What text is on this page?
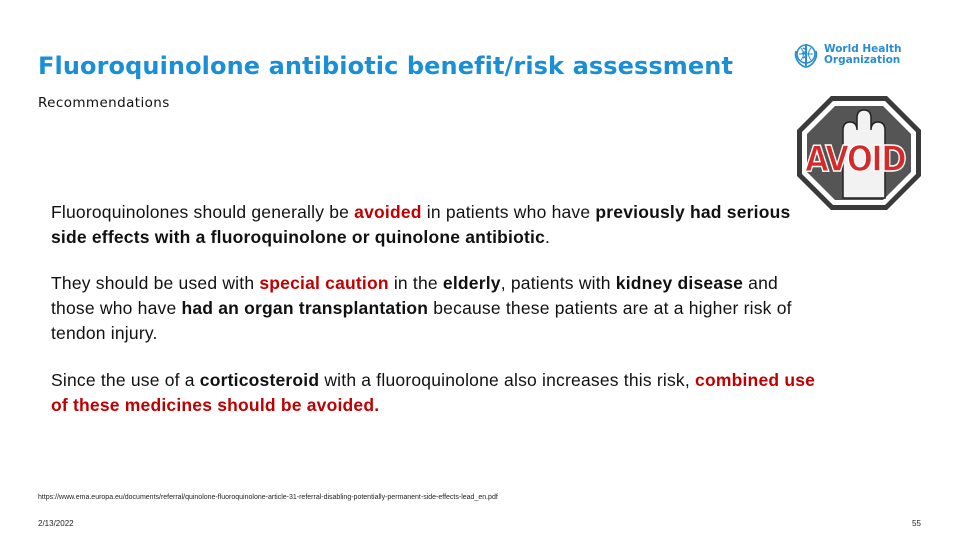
Fluoroquinolone antibiotic benefit/risk assessment
Recommendations
World Health
Organization
AVOID
Fluoroquinolones should generally be avoided in patients who have previously had serious side effects with a fluoroquinolone or quinolone antibiotic.
They should be used with special caution in the elderly, patients with kidney disease and those who have had an organ transplantation because these patients are at a higher risk of tendon injury.
Since the use of a corticosteroid with a fluoroquinolone also increases this risk, combined use of these medicines should be avoided.
https://www.ema.europa.eu/documents/referral/quinolone-fluoroquinolone-article-31-referral-disabling-potentially-permanent-side-effects-lead_en.pdf
2/13/2022	55
